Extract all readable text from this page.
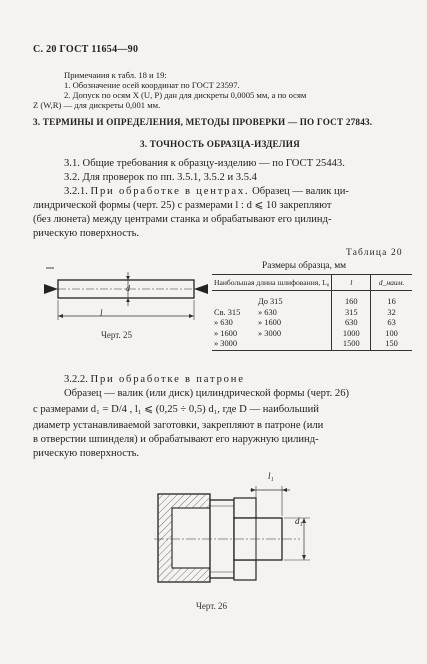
С. 20 ГОСТ 11654—90
Примечания к табл. 18 и 19:
1. Обозначение осей координат по ГОСТ 23597.
2. Допуск по осям X (U, P) дан для дискреты 0,0005 мм, а по осям
Z (W,R) — для дискреты 0,001 мм.
3. ТЕРМИНЫ И ОПРЕДЕЛЕНИЯ, МЕТОДЫ ПРОВЕРКИ — ПО ГОСТ 27843.
3. ТОЧНОСТЬ ОБРАЗЦА-ИЗДЕЛИЯ
3.1. Общие требования к образцу-изделию — по ГОСТ 25443.
3.2. Для проверок по пп. 3.5.1, 3.5.2 и 3.5.4
3.2.1. При обработке в центрах. Образец — валик ци-
линдрической формы (черт. 25) с размерами l : d ⩽ 10 закрепляют
(без люнета) между центрами станка и обрабатывают его цилинд-
рическую поверхность.
d
l
Черт. 25
Таблица 20
Размеры образца, мм
Наибольшая длина шлифования, L₀	l	d_наим.
До 315	160	16
Св. 315 » 630	315	32
» 630 » 1600	630	63
» 1600 » 3000	1000	100
» 3000	1500	150
3.2.2. При обработке в патроне
Образец — валик (или диск) цилиндрической формы (черт. 26)
с размерами d₁ = D/4 , l₁ ⩽ (0,25 ÷ 0,5) d₁, где D — наибольший
диаметр устанавливаемой заготовки, закрепляют в патроне (или
в отверстии шпинделя) и обрабатывают его наружную цилинд-
рическую поверхность.
l₁
d₁
Черт. 26
